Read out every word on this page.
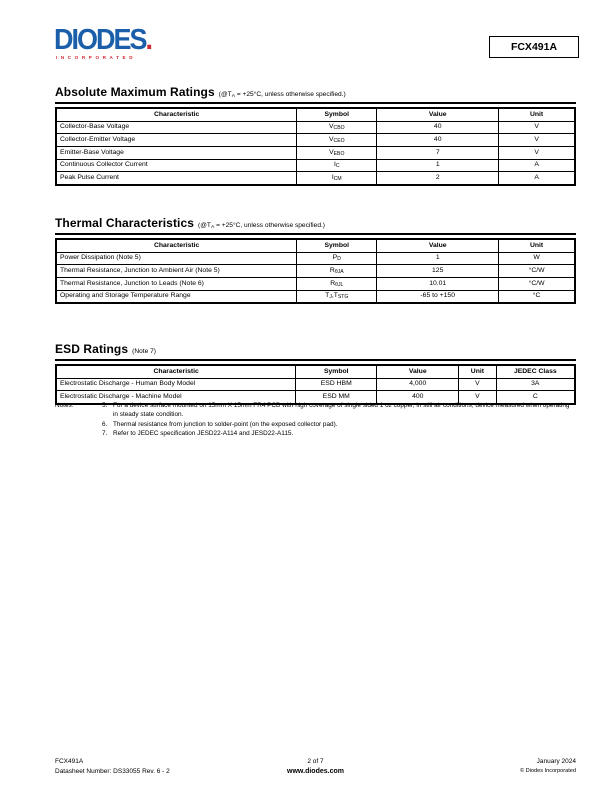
DIODES.
INCORPORATED
FCX491A
Absolute Maximum Ratings ($@T_A = +25^\circ C$, unless otherwise specified.)
Characteristic	Symbol	Value	Unit
Collector-Base Voltage	$V_{CBO}$	40	V
Collector-Emitter Voltage	$V_{CEO}$	40	V
Emitter-Base Voltage	$V_{EBO}$	7	V
Continuous Collector Current	$I_C$	1	A
Peak Pulse Current	$I_{CM}$	2	A
Thermal Characteristics ($@T_A = +25^\circ C$, unless otherwise specified.)
Characteristic	Symbol	Value	Unit
Power Dissipation (Note 5)	$P_D$	1	W
Thermal Resistance, Junction to Ambient Air (Note 5)	$R_{\theta JA}$	125	°C/W
Thermal Resistance, Junction to Leads (Note 6)	$R_{\theta JL}$	10.01	°C/W
Operating and Storage Temperature Range	$T_J,T_{STG}$	-65 to +150	°C
ESD Ratings (Note 7)
Characteristic	Symbol	Value	Unit	JEDEC Class
Electrostatic Discharge - Human Body Model	ESD HBM	4,000	V	3A
Electrostatic Discharge - Machine Model	ESD MM	400	V	C
Notes:	5. For a device surface mounted on 15mm X 15mm FR4 PCB with high coverage of single sided 1 oz copper, in still air conditions; device measured when operating in steady state condition.
6. Thermal resistance from junction to solder-point (on the exposed collector pad).
7. Refer to JEDEC specification JESD22-A114 and JESD22-A115.
FCX491A
Datasheet Number: DS33055 Rev. 6 - 2
2 of 7
www.diodes.com
January 2024
© Diodes Incorporated
